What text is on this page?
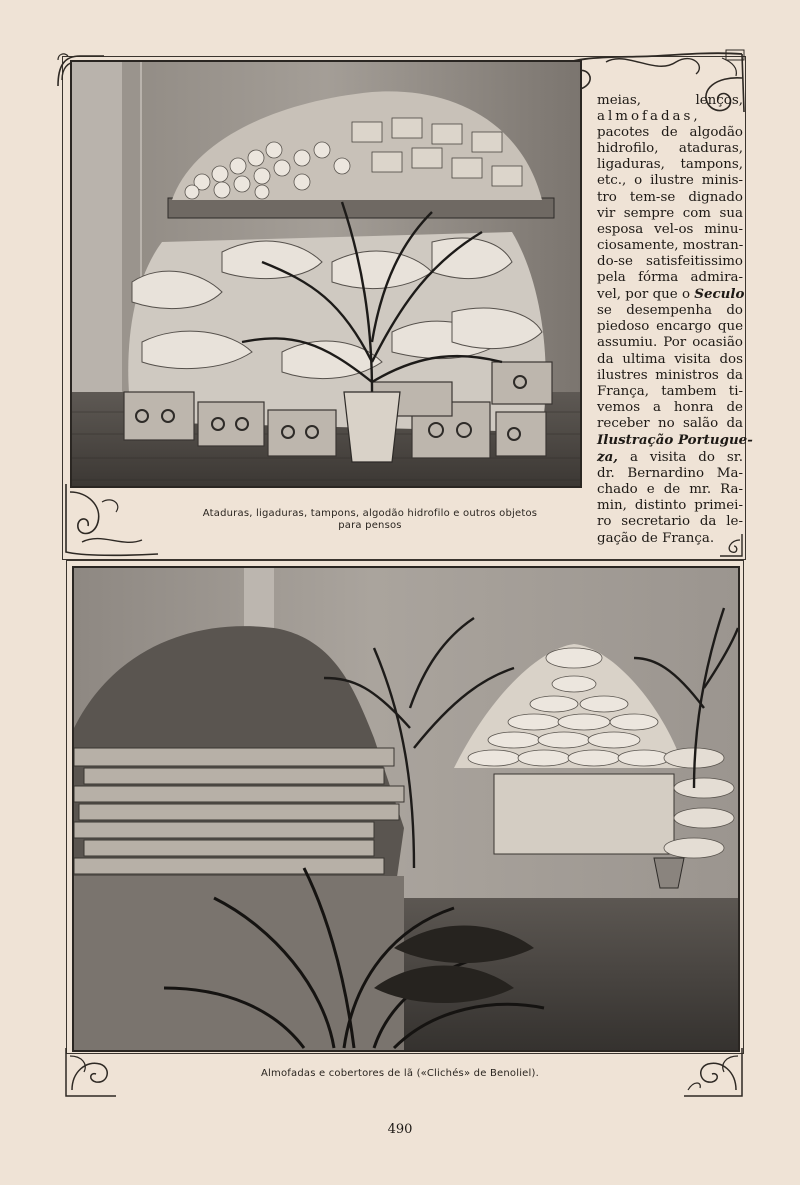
Ataduras, ligaduras, tampons, algodão hidrofilo e outros objetos
para pensos
meias, lenços,
almofadas,
pacotes de algodão
hidrofilo, ataduras,
ligaduras, tampons,
etc., o ilustre minis-
tro tem-se dignado
vir sempre com sua
esposa vel-os minu-
ciosamente, mostran-
do-se satisfeitissimo
pela fórma admira-
vel, por que o Seculo
se desempenha do
piedoso encargo que
assumiu. Por ocasião
da ultima visita dos
ilustres ministros da
França, tambem ti-
vemos a honra de
receber no salão da
Ilustração Portugue-
za, a visita do sr.
dr. Bernardino Ma-
chado e de mr. Ra-
min, distinto primei-
ro secretario da le-
gação de França.
Almofadas e cobertores de lã («Clichés» de Benoliel).
490
